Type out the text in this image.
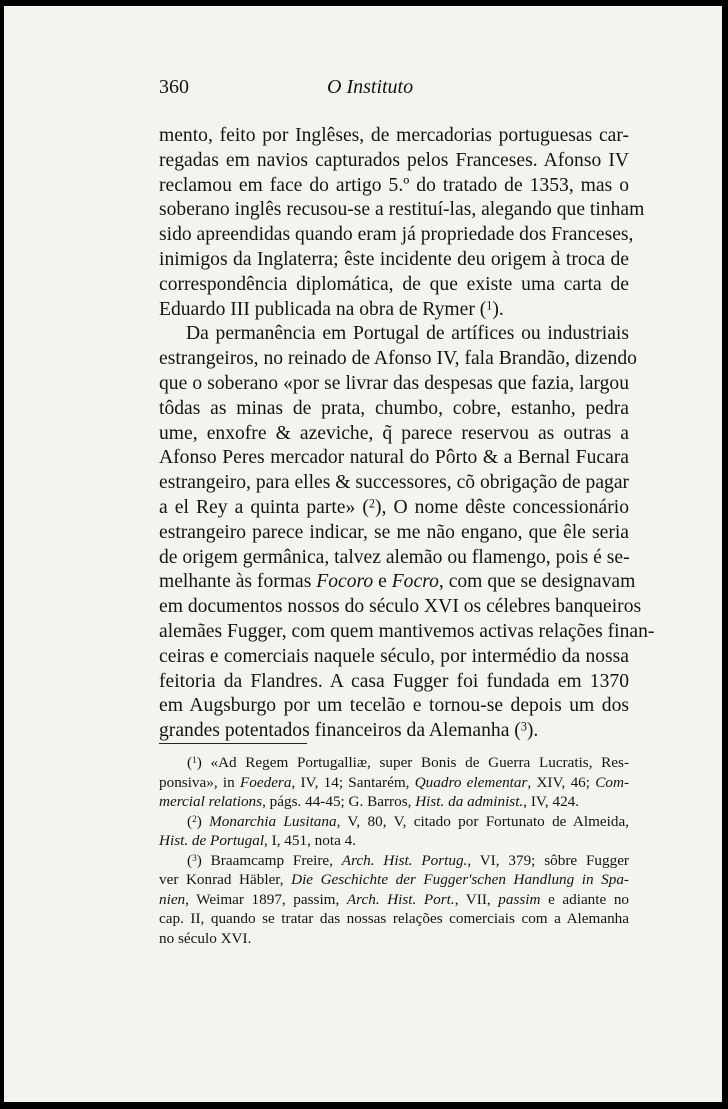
360	O Instituto
mento, feito por Inglêses, de mercadorias portuguesas car-
regadas em navios capturados pelos Franceses. Afonso IV
reclamou em face do artigo 5.º do tratado de 1353, mas o
soberano inglês recusou-se a restituí-las, alegando que tinham
sido apreendidas quando eram já propriedade dos Franceses,
inimigos da Inglaterra; êste incidente deu origem à troca de
correspondência diplomática, de que existe uma carta de
Eduardo III publicada na obra de Rymer ($^1$).
Da permanência em Portugal de artífices ou industriais
estrangeiros, no reinado de Afonso IV, fala Brandão, dizendo
que o soberano «por se livrar das despesas que fazia, largou
tôdas as minas de prata, chumbo, cobre, estanho, pedra
ume, enxofre & azeviche, q̃ parece reservou as outras a
Afonso Peres mercador natural do Pôrto & a Bernal Fucara
estrangeiro, para elles & successores, cõ obrigação de pagar
a el Rey a quinta parte» ($^2$), O nome dêste concessionário
estrangeiro parece indicar, se me não engano, que êle seria
de origem germânica, talvez alemão ou flamengo, pois é se-
melhante às formas Focoro e Focro, com que se designavam
em documentos nossos do século XVI os célebres banqueiros
alemães Fugger, com quem mantivemos activas relações finan-
ceiras e comerciais naquele século, por intermédio da nossa
feitoria da Flandres. A casa Fugger foi fundada em 1370
em Augsburgo por um tecelão e tornou-se depois um dos
grandes potentados financeiros da Alemanha ($^3$).
($^1$) «Ad Regem Portugalliæ, super Bonis de Guerra Lucratis, Res-
ponsiva», in Foedera, IV, 14; Santarém, Quadro elementar, XIV, 46; Com-
mercial relations, págs. 44-45; G. Barros, Hist. da administ., IV, 424.
($^2$) Monarchia Lusitana, V, 80, V, citado por Fortunato de Almeida,
Hist. de Portugal, I, 451, nota 4.
($^3$) Braamcamp Freire, Arch. Hist. Portug., VI, 379; sôbre Fugger
ver Konrad Häbler, Die Geschichte der Fugger'schen Handlung in Spa-
nien, Weimar 1897, passim, Arch. Hist. Port., VII, passim e adiante no
cap. II, quando se tratar das nossas relações comerciais com a Alemanha
no século XVI.
